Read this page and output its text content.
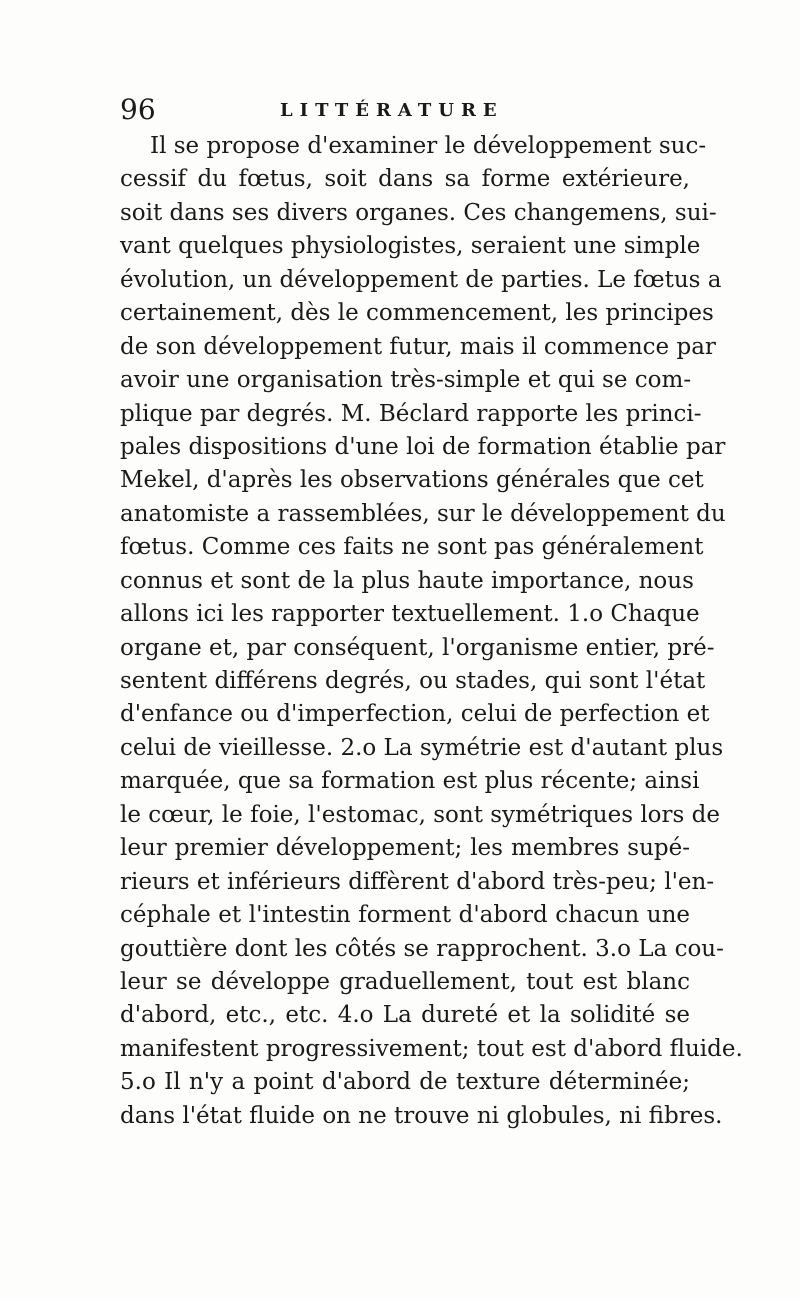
96	LITTÉRATURE
Il se propose d'examiner le développement suc-
cessif du fœtus, soit dans sa forme extérieure,
soit dans ses divers organes. Ces changemens, sui-
vant quelques physiologistes, seraient une simple
évolution, un développement de parties. Le fœtus a
certainement, dès le commencement, les principes
de son développement futur, mais il commence par
avoir une organisation très-simple et qui se com-
plique par degrés. M. Béclard rapporte les princi-
pales dispositions d'une loi de formation établie par
Mekel, d'après les observations générales que cet
anatomiste a rassemblées, sur le développement du
fœtus. Comme ces faits ne sont pas généralement
connus et sont de la plus haute importance, nous
allons ici les rapporter textuellement. 1.o Chaque
organe et, par conséquent, l'organisme entier, pré-
sentent différens degrés, ou stades, qui sont l'état
d'enfance ou d'imperfection, celui de perfection et
celui de vieillesse. 2.o La symétrie est d'autant plus
marquée, que sa formation est plus récente; ainsi
le cœur, le foie, l'estomac, sont symétriques lors de
leur premier développement; les membres supé-
rieurs et inférieurs diffèrent d'abord très-peu; l'en-
céphale et l'intestin forment d'abord chacun une
gouttière dont les côtés se rapprochent. 3.o La cou-
leur se développe graduellement, tout est blanc
d'abord, etc., etc. 4.o La dureté et la solidité se
manifestent progressivement; tout est d'abord fluide.
5.o Il n'y a point d'abord de texture déterminée;
dans l'état fluide on ne trouve ni globules, ni fibres.
